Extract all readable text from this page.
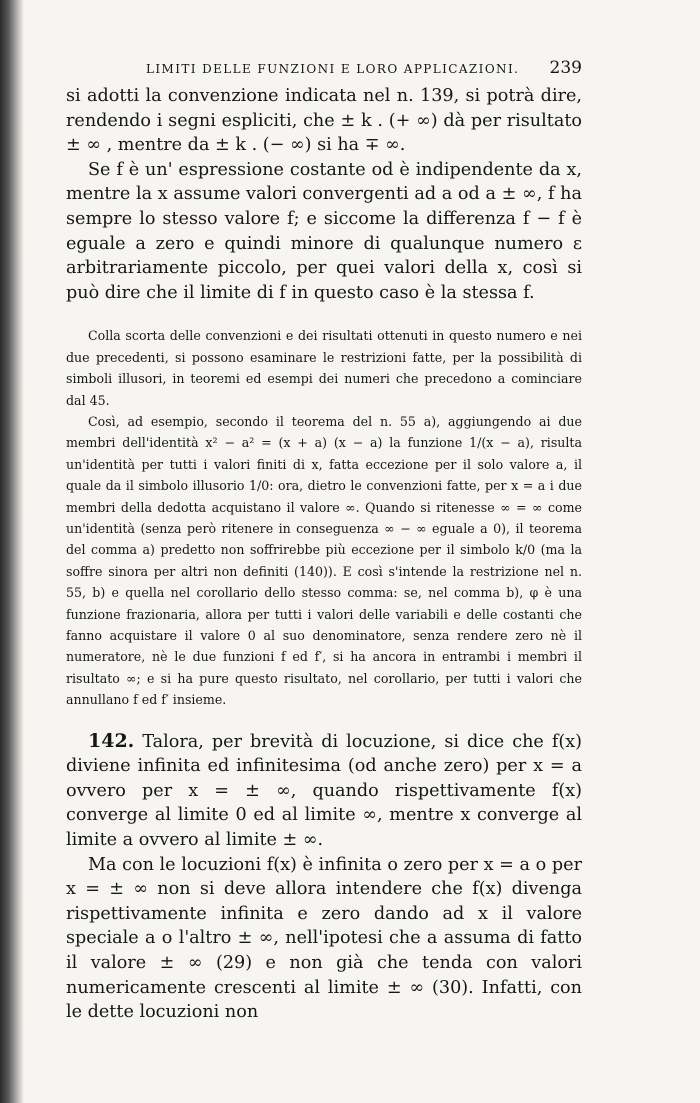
LIMITI DELLE FUNZIONI E LORO APPLICAZIONI. 239

si adotti la convenzione indicata nel n. 139, si potrà dire, rendendo i segni espliciti, che ± k . (+ ∞) dà per risultato ± ∞ , mentre da ± k . (− ∞) si ha ∓ ∞.

Se f è un' espressione costante od è indipendente da x, mentre la x assume valori convergenti ad a od a ± ∞, f ha sempre lo stesso valore f; e siccome la differenza f − f è eguale a zero e quindi minore di qualunque numero ε arbitrariamente piccolo, per quei valori della x, così si può dire che il limite di f in questo caso è la stessa f.

Colla scorta delle convenzioni e dei risultati ottenuti in questo numero e nei due precedenti, si possono esaminare le restrizioni fatte, per la possibilità di simboli illusori, in teoremi ed esempi dei numeri che precedono a cominciare dal 45.

Così, ad esempio, secondo il teorema del n. 55 a), aggiungendo ai due membri dell'identità x² − a² = (x + a) (x − a) la funzione 1/(x − a), risulta un'identità per tutti i valori finiti di x, fatta eccezione per il solo valore a, il quale da il simbolo illusorio 1/0: ora, dietro le convenzioni fatte, per x = a i due membri della dedotta acquistano il valore ∞. Quando si ritenesse ∞ = ∞ come un'identità (senza però ritenere in conseguenza ∞ − ∞ eguale a 0), il teorema del comma a) predetto non soffrirebbe più eccezione per il simbolo k/0 (ma la soffre sinora per altri non definiti (140)). E così s'intende la restrizione nel n. 55, b) e quella nel corollario dello stesso comma: se, nel comma b), φ è una funzione frazionaria, allora per tutti i valori delle variabili e delle costanti che fanno acquistare il valore 0 al suo denominatore, senza rendere zero nè il numeratore, nè le due funzioni f ed f′, si ha ancora in entrambi i membri il risultato ∞; e si ha pure questo risultato, nel corollario, per tutti i valori che annullano f ed f′ insieme.

142. Talora, per brevità di locuzione, si dice che f(x) diviene infinita ed infinitesima (od anche zero) per x = a ovvero per x = ± ∞, quando rispettivamente f(x) converge al limite 0 ed al limite ∞, mentre x converge al limite a ovvero al limite ± ∞.

Ma con le locuzioni f(x) è infinita o zero per x = a o per x = ± ∞ non si deve allora intendere che f(x) divenga rispettivamente infinita e zero dando ad x il valore speciale a o l'altro ± ∞, nell'ipotesi che a assuma di fatto il valore ± ∞ (29) e non già che tenda con valori numericamente crescenti al limite ± ∞ (30). Infatti, con le dette locuzioni non
